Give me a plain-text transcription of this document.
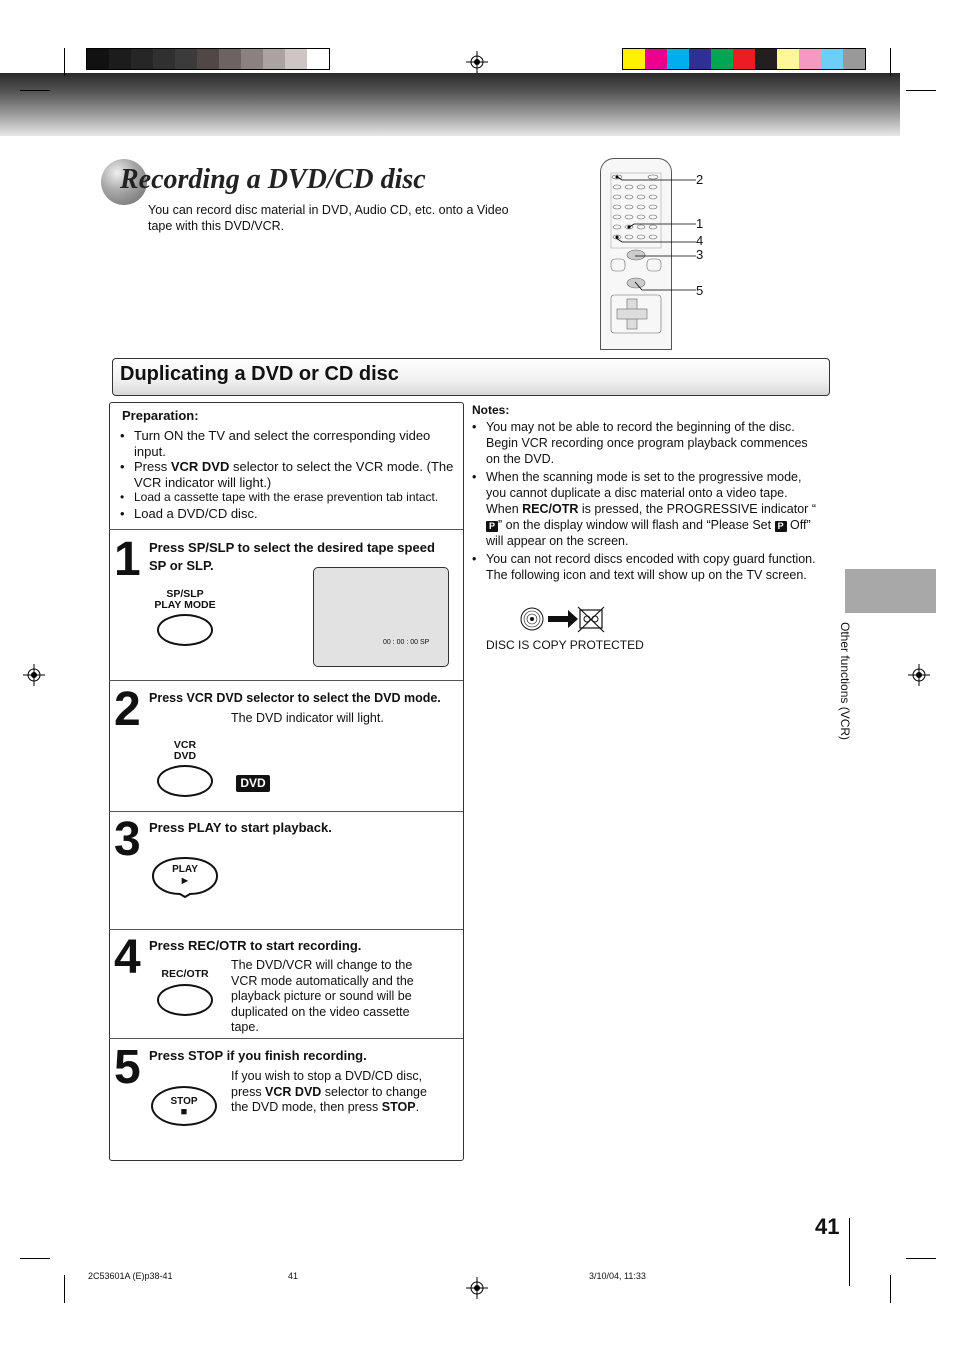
Recording a DVD/CD disc
You can record disc material in DVD, Audio CD, etc. onto a Video tape with this DVD/VCR.
2
1
4
3
5
Duplicating a DVD or CD disc
Preparation:
• Turn ON the TV and select the corresponding video input.
• Press VCR DVD selector to select the VCR mode. (The VCR indicator will light.)
• Load a cassette tape with the erase prevention tab intact.
• Load a DVD/CD disc.
1 Press SP/SLP to select the desired tape speed SP or SLP.
SP/SLP
PLAY MODE
00 : 00 : 00 SP
2 Press VCR DVD selector to select the DVD mode.
The DVD indicator will light.
VCR
DVD
DVD
3 Press PLAY to start playback.
PLAY
►
4 Press REC/OTR to start recording.
REC/OTR
The DVD/VCR will change to the VCR mode automatically and the playback picture or sound will be duplicated on the video cassette tape.
5 Press STOP if you finish recording.
STOP
■
If you wish to stop a DVD/CD disc, press VCR DVD selector to change the DVD mode, then press STOP.
Notes:
• You may not be able to record the beginning of the disc. Begin VCR recording once program playback commences on the DVD.
• When the scanning mode is set to the progressive mode, you cannot duplicate a disc material onto a video tape. When REC/OTR is pressed, the PROGRESSIVE indicator “P ” on the display window will flash and “Please Set P Off” will appear on the screen.
• You can not record discs encoded with copy guard function. The following icon and text will show up on the TV screen.
DISC IS COPY PROTECTED	Other functions (VCR)
41
2C53601A (E)p38-41	41	3/10/04, 11:33
